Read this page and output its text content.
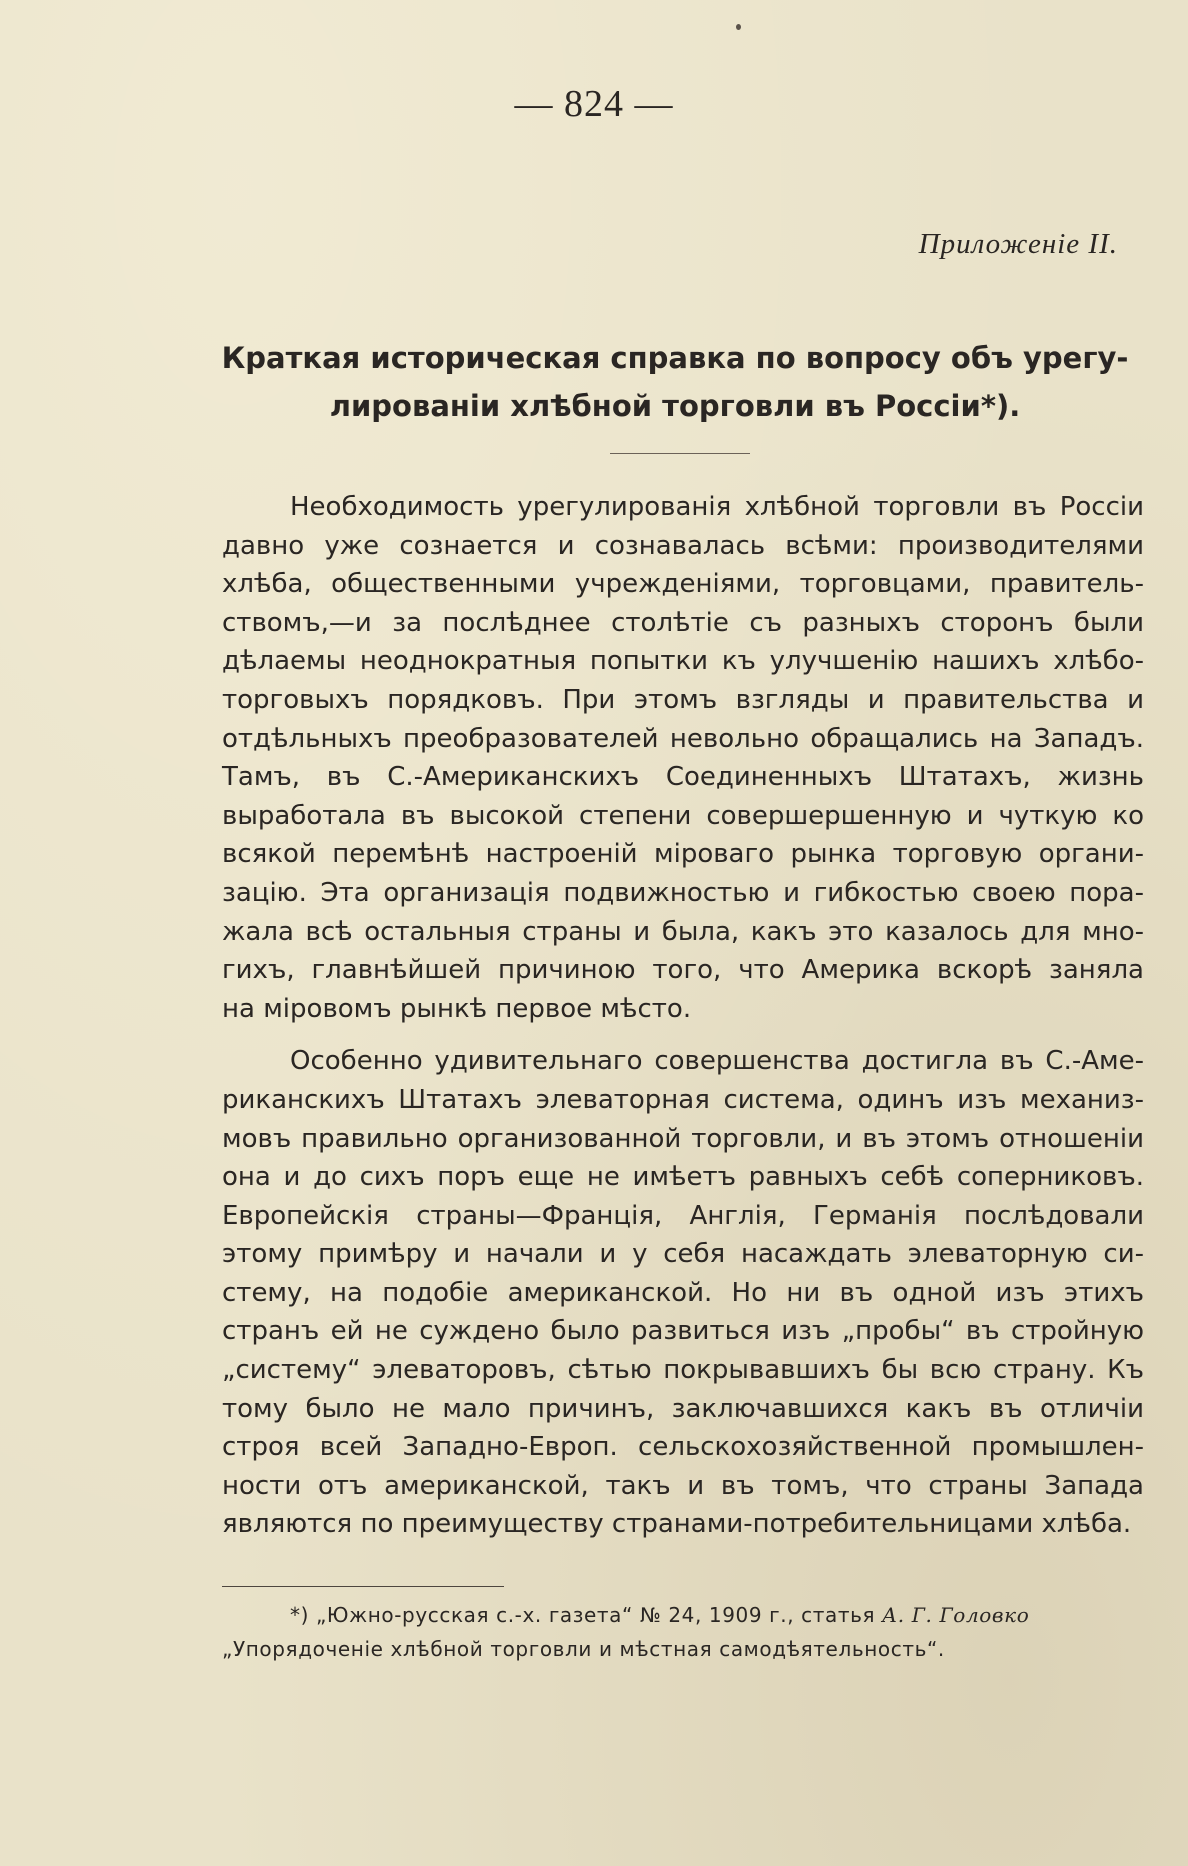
— 824 —
Приложеніе II.
Краткая историческая справка по вопросу объ урегу-
лированіи хлѣбной торговли въ Россіи*).
Необходимость урегулированія хлѣбной торговли въ Россіи
давно уже сознается и сознавалась всѣми: производителями
хлѣба, общественными учрежденіями, торговцами, правитель-
ствомъ,—и за послѣднее столѣтіе съ разныхъ сторонъ были
дѣлаемы неоднократныя попытки къ улучшенію нашихъ хлѣбо-
торговыхъ порядковъ. При этомъ взгляды и правительства и
отдѣльныхъ преобразователей невольно обращались на Западъ.
Тамъ, въ С.-Американскихъ Соединенныхъ Штатахъ, жизнь
выработала въ высокой степени совершершенную и чуткую ко
всякой перемѣнѣ настроеній міроваго рынка торговую органи-
зацію. Эта организація подвижностью и гибкостью своею пора-
жала всѣ остальныя страны и была, какъ это казалось для мно-
гихъ, главнѣйшей причиною того, что Америка вскорѣ заняла
на міровомъ рынкѣ первое мѣсто.
Особенно удивительнаго совершенства достигла въ С.-Аме-
риканскихъ Штатахъ элеваторная система, одинъ изъ механиз-
мовъ правильно организованной торговли, и въ этомъ отношеніи
она и до сихъ поръ еще не имѣетъ равныхъ себѣ соперниковъ.
Европейскія страны—Франція, Англія, Германія послѣдовали
этому примѣру и начали и у себя насаждать элеваторную си-
стему, на подобіе американской. Но ни въ одной изъ этихъ
странъ ей не суждено было развиться изъ „пробы“ въ стройную
„систему“ элеваторовъ, сѣтью покрывавшихъ бы всю страну. Къ
тому было не мало причинъ, заключавшихся какъ въ отличіи
строя всей Западно-Европ. сельскохозяйственной промышлен-
ности отъ американской, такъ и въ томъ, что страны Запада
являются по преимуществу странами-потребительницами хлѣба.
*) „Южно-русская с.-х. газета“ № 24, 1909 г., статья А. Г. Головко
„Упорядоченіе хлѣбной торговли и мѣстная самодѣятельность“.
